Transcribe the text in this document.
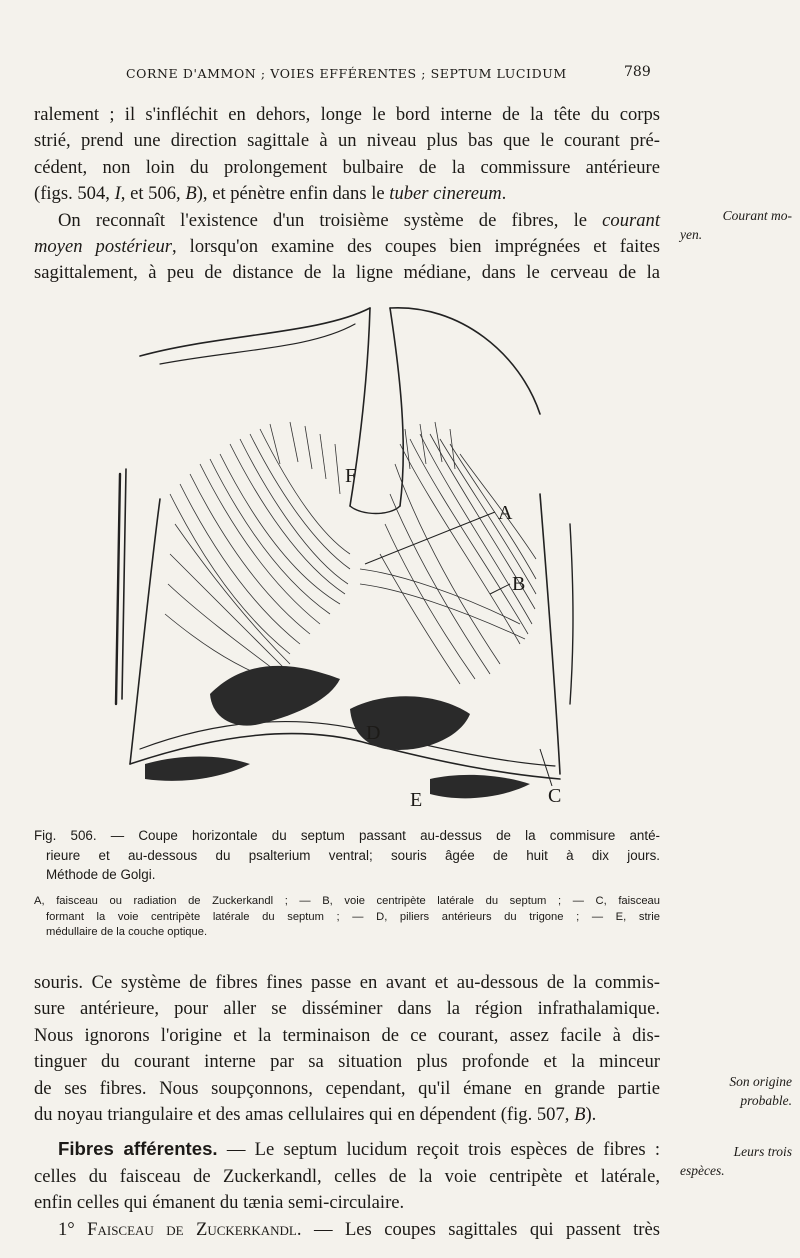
CORNE D'AMMON ; VOIES EFFÉRENTES ; SEPTUM LUCIDUM	789
ralement ; il s'infléchit en dehors, longe le bord interne de la tête du corps
strié, prend une direction sagittale à un niveau plus bas que le courant pré-
cédent, non loin du prolongement bulbaire de la commissure antérieure
(figs. 504, I, et 506, B), et pénètre enfin dans le tuber cinereum.
On reconnaît l'existence d'un troisième système de fibres, le courant
moyen postérieur, lorsqu'on examine des coupes bien imprégnées et faites
sagittalement, à peu de distance de la ligne médiane, dans le cerveau de la
Courant mo-
yen.
A
B
C
D
E
F
Fig. 506. — Coupe horizontale du septum passant au-dessus de la commisure anté-
rieure et au-dessous du psalterium ventral; souris âgée de huit à dix jours.
Méthode de Golgi.
A, faisceau ou radiation de Zuckerkandl ; — B, voie centripète latérale du septum ; — C, faisceau
formant la voie centripète latérale du septum ; — D, piliers antérieurs du trigone ; — E, strie
médullaire de la couche optique.
souris. Ce système de fibres fines passe en avant et au-dessous de la commis-
sure antérieure, pour aller se disséminer dans la région infrathalamique.
Nous ignorons l'origine et la terminaison de ce courant, assez facile à dis-
tinguer du courant interne par sa situation plus profonde et la minceur
de ses fibres. Nous soupçonnons, cependant, qu'il émane en grande partie
du noyau triangulaire et des amas cellulaires qui en dépendent (fig. 507, B).
Fibres afférentes. — Le septum lucidum reçoit trois espèces de fibres :
celles du faisceau de Zuckerkandl, celles de la voie centripète et latérale,
enfin celles qui émanent du tænia semi-circulaire.
1° Faisceau de Zuckerkandl. — Les coupes sagittales qui passent très
Son origine
probable.
Leurs trois
espèces.
